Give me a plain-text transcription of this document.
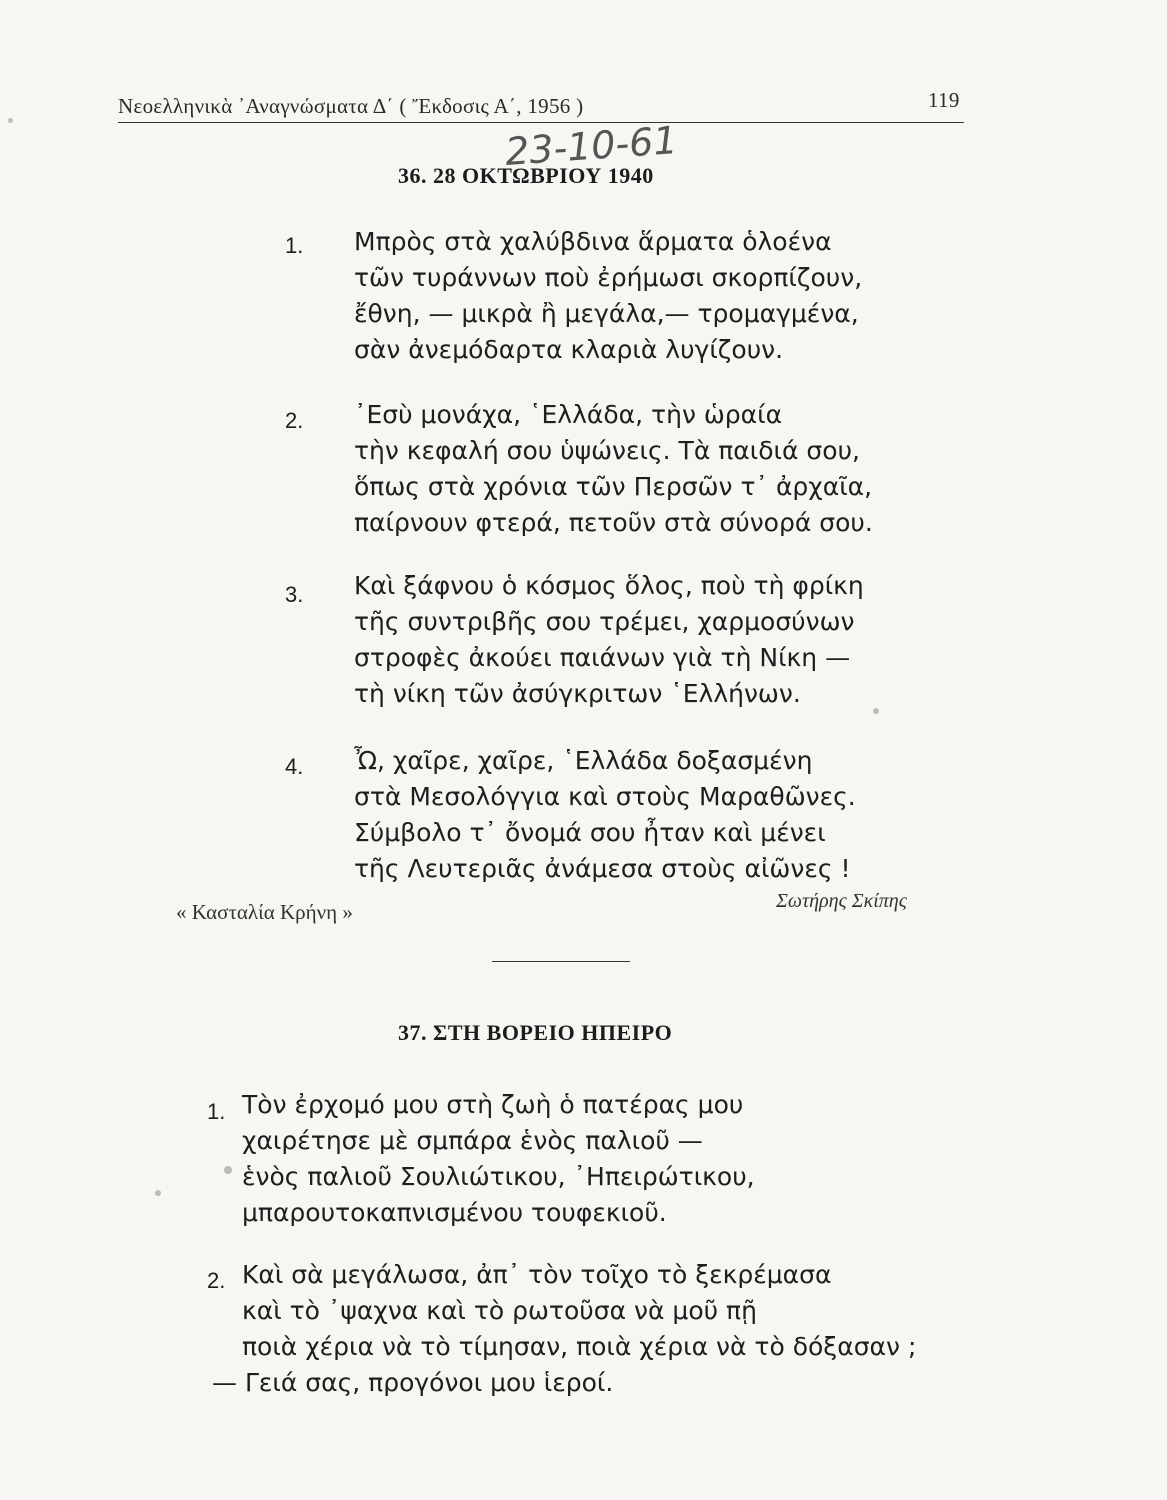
Νεοελληνικὰ ᾿Αναγνώσματα Δ΄ ( Ἔκδοσις Α΄, 1956 )	119
23-10-61
36. 28 ΟΚΤΩΒΡΙΟΥ 1940
1. Μπρὸς στὰ χαλύβδινα ἅρματα ὁλοένα
τῶν τυράννων ποὺ ἐρήμωσι σκορπίζουν,
ἔθνη, — μικρὰ ἢ μεγάλα,— τρομαγμένα,
σὰν ἀνεμόδαρτα κλαριὰ λυγίζουν.
2. ᾿Εσὺ μονάχα, ῾Ελλάδα, τὴν ὡραία
τὴν κεφαλή σου ὑψώνεις. Τὰ παιδιά σου,
ὅπως στὰ χρόνια τῶν Περσῶν τ᾿ ἀρχαῖα,
παίρνουν φτερά, πετοῦν στὰ σύνορά σου.
3. Καὶ ξάφνου ὁ κόσμος ὅλος, ποὺ τὴ φρίκη
τῆς συντριβῆς σου τρέμει, χαρμοσύνων
στροφὲς ἀκούει παιάνων γιὰ τὴ Νίκη —
τὴ νίκη τῶν ἀσύγκριτων ῾Ελλήνων.
4. Ὦ, χαῖρε, χαῖρε, ῾Ελλάδα δοξασμένη
στὰ Μεσολόγγια καὶ στοὺς Μαραθῶνες.
Σύμβολο τ᾿ ὄνομά σου ἦταν καὶ μένει
τῆς Λευτεριᾶς ἀνάμεσα στοὺς αἰῶνες !
« Κασταλία Κρήνη »	Σωτήρης Σκίπης
37. ΣΤΗ ΒΟΡΕΙΟ ΗΠΕΙΡΟ
1. Τὸν ἐρχομό μου στὴ ζωὴ ὁ πατέρας μου
χαιρέτησε μὲ σμπάρα ἑνὸς παλιοῦ —
ἑνὸς παλιοῦ Σουλιώτικου, ᾿Ηπειρώτικου,
μπαρουτοκαπνισμένου τουφεκιοῦ.
2. Καὶ σὰ μεγάλωσα, ἀπ᾿ τὸν τοῖχο τὸ ξεκρέμασα
καὶ τὸ ᾿ψαχνα καὶ τὸ ρωτοῦσα νὰ μοῦ πῇ
ποιὰ χέρια νὰ τὸ τίμησαν, ποιὰ χέρια νὰ τὸ δόξασαν ;
— Γειά σας, προγόνοι μου ἱεροί.
